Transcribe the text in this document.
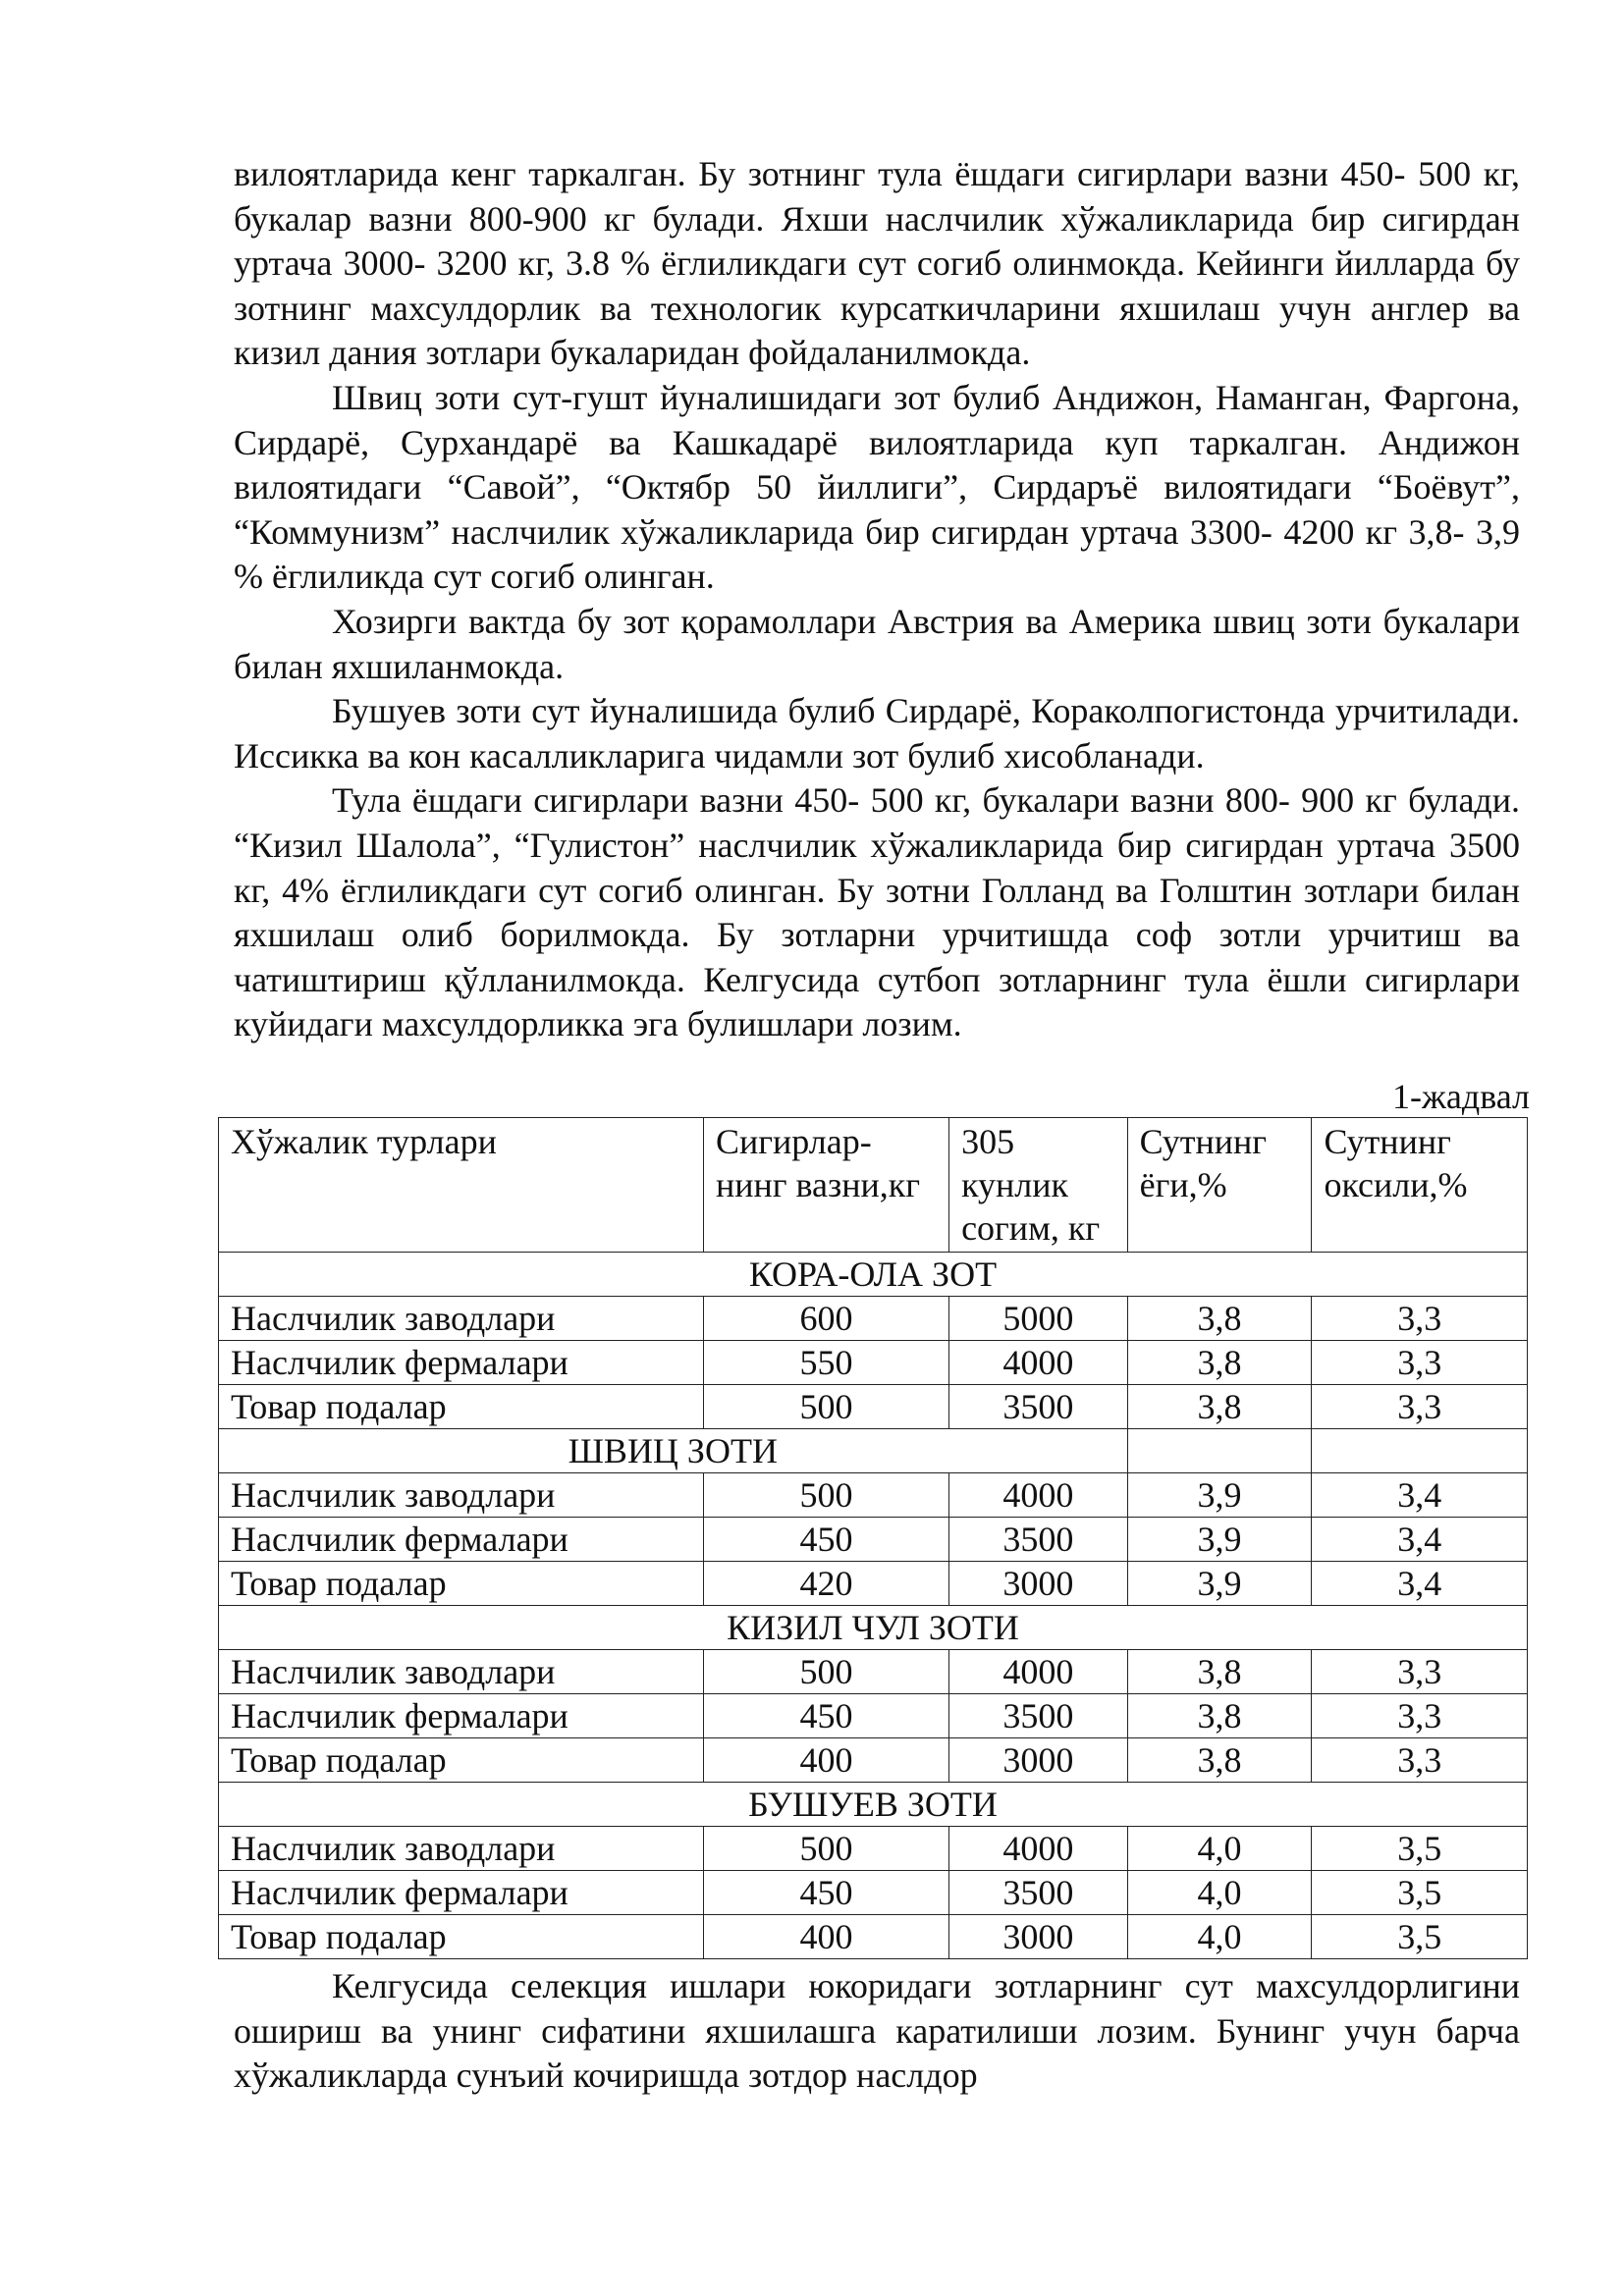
вилоятларида кенг таркалган. Бу зотнинг тула ёшдаги сигирлари вазни 450- 500 кг, букалар вазни 800-900 кг булади. Яхши наслчилик хўжаликларида бир сигирдан уртача 3000- 3200 кг, 3.8 % ёглиликдаги сут согиб олинмокда. Кейинги йилларда бу зотнинг махсулдорлик ва технологик курсаткичларини яхшилаш учун англер ва кизил дания зотлари букаларидан фойдаланилмокда.

Швиц зоти сут-гушт йуналишидаги зот булиб Андижон, Наманган, Фаргона, Сирдарё, Сурхандарё ва Кашкадарё вилоятларида куп таркалган. Андижон вилоятидаги “Савой”, “Октябр 50 йиллиги”, Сирдаръё вилоятидаги “Боёвут”, “Коммунизм” наслчилик хўжаликларида бир сигирдан уртача 3300- 4200 кг 3,8- 3,9 % ёглиликда сут согиб олинган.

Хозирги вактда бу зот қорамоллари Австрия ва Америка швиц зоти букалари билан яхшиланмокда.

Бушуев зоти сут йуналишида булиб Сирдарё, Кораколпогистонда урчитилади. Иссикка ва кон касалликларига чидамли зот булиб хисобланади.

Тула ёшдаги сигирлари вазни 450- 500 кг, букалари вазни 800- 900 кг булади. “Кизил Шалола”, “Гулистон” наслчилик хўжаликларида бир сигирдан уртача 3500 кг, 4% ёглиликдаги сут согиб олинган. Бу зотни Голланд ва Голштин зотлари билан яхшилаш олиб борилмокда. Бу зотларни урчитишда соф зотли урчитиш ва чатиштириш қўлланилмокда. Келгусида сутбоп зотларнинг тула ёшли сигирлари куйидаги махсулдорликка эга булишлари лозим.

1-жадвал
Хўжалик турлари	Сигирлар-нинг вазни,кг	305 кунлик согим, кг	Сутнинг ёги,%	Сутнинг оксили,%
КОРА-ОЛА ЗОТ				
Наслчилик заводлари	600	5000	3,8	3,3
Наслчилик фермалари	550	4000	3,8	3,3
Товар подалар	500	3500	3,8	3,3
ШВИЦ ЗОТИ				
Наслчилик заводлари	500	4000	3,9	3,4
Наслчилик фермалари	450	3500	3,9	3,4
Товар подалар	420	3000	3,9	3,4
КИЗИЛ ЧУЛ ЗОТИ				
Наслчилик заводлари	500	4000	3,8	3,3
Наслчилик фермалари	450	3500	3,8	3,3
Товар подалар	400	3000	3,8	3,3
БУШУЕВ ЗОТИ				
Наслчилик заводлари	500	4000	4,0	3,5
Наслчилик фермалари	450	3500	4,0	3,5
Товар подалар	400	3000	4,0	3,5

Келгусида селекция ишлари юкоридаги зотларнинг сут махсулдорлигини ошириш ва унинг сифатини яхшилашга каратилиши лозим. Бунинг учун барча хўжаликларда сунъий кочиришда зотдор наслдор
